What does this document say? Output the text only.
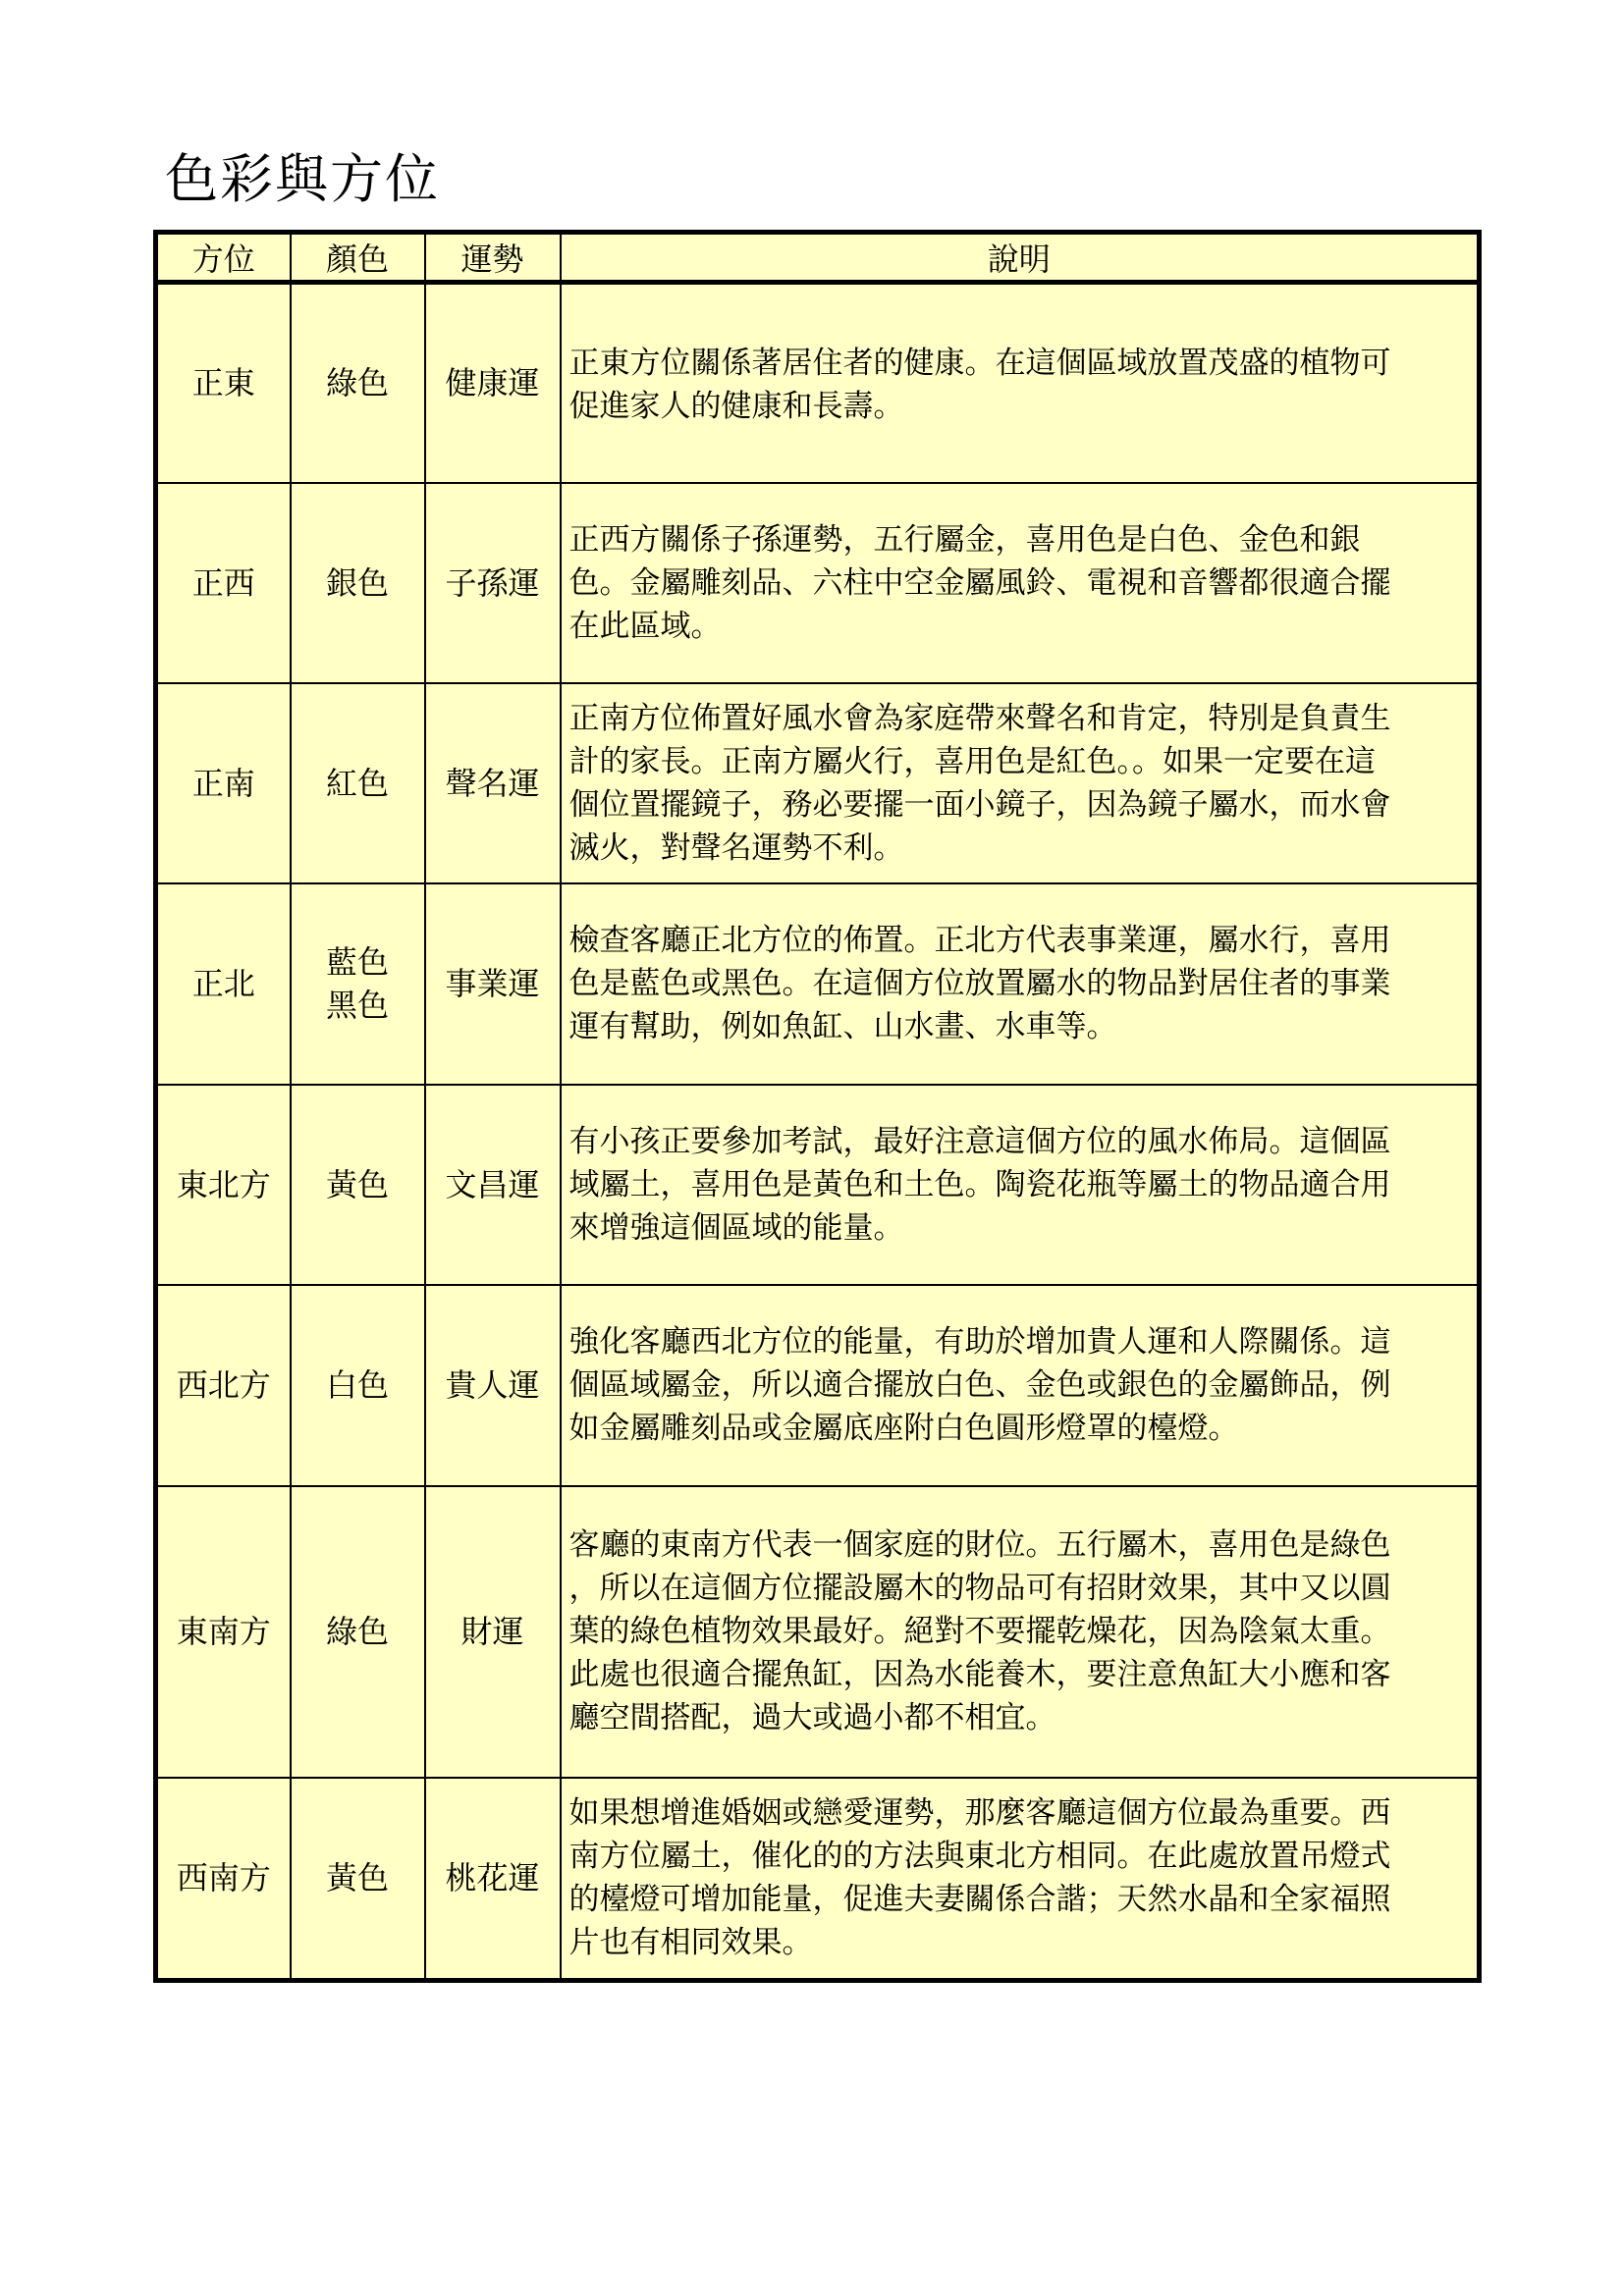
色彩與方位
方位	顏色	運勢	說明
正東	綠色	健康運	正東方位關係著居住者的健康。在這個區域放置茂盛的植物可
促進家人的健康和長壽。

正西	銀色	子孫運	正西方關係子孫運勢，五行屬金，喜用色是白色、金色和銀
色。金屬雕刻品、六柱中空金屬風鈴、電視和音響都很適合擺
在此區域。

正南	紅色	聲名運	正南方位佈置好風水會為家庭帶來聲名和肯定，特別是負責生
計的家長。正南方屬火行，喜用色是紅色。。如果一定要在這
個位置擺鏡子，務必要擺一面小鏡子，因為鏡子屬水，而水會
滅火，對聲名運勢不利。

正北	藍色
黑色	事業運	檢查客廳正北方位的佈置。正北方代表事業運，屬水行，喜用
色是藍色或黑色。在這個方位放置屬水的物品對居住者的事業
運有幫助，例如魚缸、山水畫、水車等。

東北方	黃色	文昌運	有小孩正要參加考試，最好注意這個方位的風水佈局。這個區
域屬土，喜用色是黃色和土色。陶瓷花瓶等屬土的物品適合用
來增強這個區域的能量。

西北方	白色	貴人運	強化客廳西北方位的能量，有助於增加貴人運和人際關係。這
個區域屬金，所以適合擺放白色、金色或銀色的金屬飾品，例
如金屬雕刻品或金屬底座附白色圓形燈罩的檯燈。

東南方	綠色	財運	客廳的東南方代表一個家庭的財位。五行屬木，喜用色是綠色
，所以在這個方位擺設屬木的物品可有招財效果，其中又以圓
葉的綠色植物效果最好。絕對不要擺乾燥花，因為陰氣太重。
此處也很適合擺魚缸，因為水能養木，要注意魚缸大小應和客
廳空間搭配，過大或過小都不相宜。

西南方	黃色	桃花運	如果想增進婚姻或戀愛運勢，那麼客廳這個方位最為重要。西
南方位屬土，催化的的方法與東北方相同。在此處放置吊燈式
的檯燈可增加能量，促進夫妻關係合諧；天然水晶和全家福照
片也有相同效果。
